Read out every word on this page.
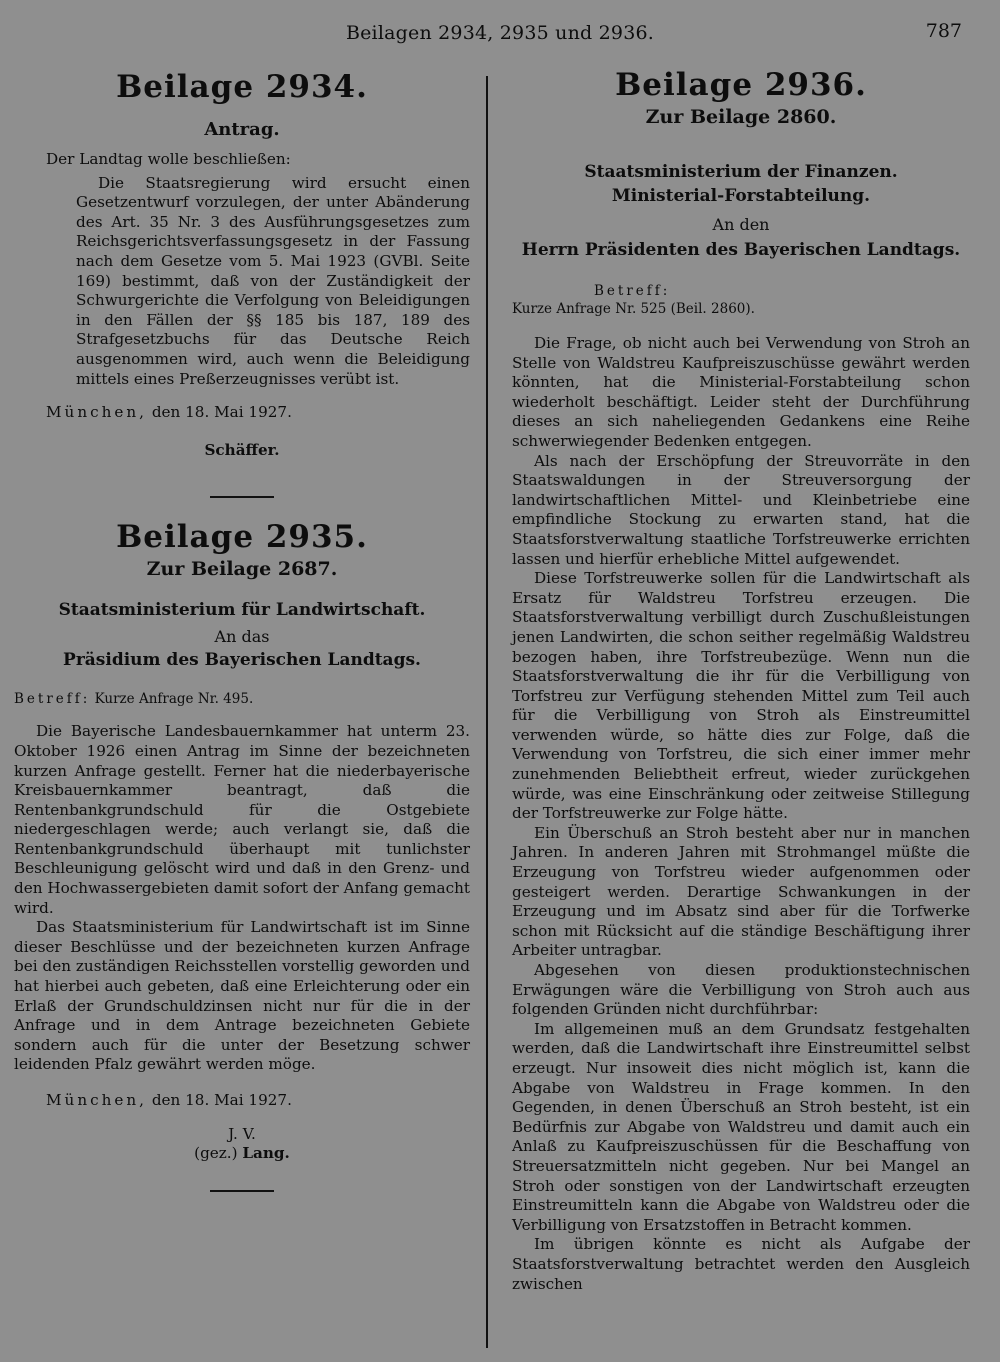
Beilagen 2934, 2935 und 2936.	787
Beilage 2934.
Antrag.

Der Landtag wolle beschließen:

Die Staatsregierung wird ersucht einen Gesetzentwurf vorzulegen, der unter Abänderung des Art. 35 Nr. 3 des Ausführungsgesetzes zum Reichsgerichtsverfassungsgesetz in der Fassung nach dem Gesetze vom 5. Mai 1923 (GVBl. Seite 169) bestimmt, daß von der Zuständigkeit der Schwurgerichte die Verfolgung von Beleidigungen in den Fällen der §§ 185 bis 187, 189 des Strafgesetzbuchs für das Deutsche Reich ausgenommen wird, auch wenn die Beleidigung mittels eines Preßerzeugnisses verübt ist.

München, den 18. Mai 1927.

Schäffer.
Beilage 2935.
Zur Beilage 2687.
Staatsministerium für Landwirtschaft.
An das
Präsidium des Bayerischen Landtags.

Betreff: Kurze Anfrage Nr. 495.

Die Bayerische Landesbauernkammer hat unterm 23. Oktober 1926 einen Antrag im Sinne der bezeichneten kurzen Anfrage gestellt. Ferner hat die niederbayerische Kreisbauernkammer beantragt, daß die Rentenbankgrundschuld für die Ostgebiete niedergeschlagen werde; auch verlangt sie, daß die Rentenbankgrundschuld überhaupt mit tunlichster Beschleunigung gelöscht wird und daß in den Grenz- und den Hochwassergebieten damit sofort der Anfang gemacht wird.

Das Staatsministerium für Landwirtschaft ist im Sinne dieser Beschlüsse und der bezeichneten kurzen Anfrage bei den zuständigen Reichsstellen vorstellig geworden und hat hierbei auch gebeten, daß eine Erleichterung oder ein Erlaß der Grundschuldzinsen nicht nur für die in der Anfrage und in dem Antrage bezeichneten Gebiete sondern auch für die unter der Besetzung schwer leidenden Pfalz gewährt werden möge.

München, den 18. Mai 1927.

J. V.
(gez.) Lang.
Beilage 2936.
Zur Beilage 2860.
Staatsministerium der Finanzen.
Ministerial-Forstabteilung.
An den
Herrn Präsidenten des Bayerischen Landtags.
Betreff:
Kurze Anfrage Nr. 525 (Beil. 2860).

Die Frage, ob nicht auch bei Verwendung von Stroh an Stelle von Waldstreu Kaufpreiszuschüsse gewährt werden könnten, hat die Ministerial-Forstabteilung schon wiederholt beschäftigt. Leider steht der Durchführung dieses an sich naheliegenden Gedankens eine Reihe schwerwiegender Bedenken entgegen.

Als nach der Erschöpfung der Streuvorräte in den Staatswaldungen in der Streuversorgung der landwirtschaftlichen Mittel- und Kleinbetriebe eine empfindliche Stockung zu erwarten stand, hat die Staatsforstverwaltung staatliche Torfstreuwerke errichten lassen und hierfür erhebliche Mittel aufgewendet.

Diese Torfstreuwerke sollen für die Landwirtschaft als Ersatz für Waldstreu Torfstreu erzeugen. Die Staatsforstverwaltung verbilligt durch Zuschußleistungen jenen Landwirten, die schon seither regelmäßig Waldstreu bezogen haben, ihre Torfstreubezüge. Wenn nun die Staatsforstverwaltung die ihr für die Verbilligung von Torfstreu zur Verfügung stehenden Mittel zum Teil auch für die Verbilligung von Stroh als Einstreumittel verwenden würde, so hätte dies zur Folge, daß die Verwendung von Torfstreu, die sich einer immer mehr zunehmenden Beliebtheit erfreut, wieder zurückgehen würde, was eine Einschränkung oder zeitweise Stillegung der Torfstreuwerke zur Folge hätte.

Ein Überschuß an Stroh besteht aber nur in manchen Jahren. In anderen Jahren mit Strohmangel müßte die Erzeugung von Torfstreu wieder aufgenommen oder gesteigert werden. Derartige Schwankungen in der Erzeugung und im Absatz sind aber für die Torfwerke schon mit Rücksicht auf die ständige Beschäftigung ihrer Arbeiter untragbar.

Abgesehen von diesen produktionstechnischen Erwägungen wäre die Verbilligung von Stroh auch aus folgenden Gründen nicht durchführbar:

Im allgemeinen muß an dem Grundsatz festgehalten werden, daß die Landwirtschaft ihre Einstreumittel selbst erzeugt. Nur insoweit dies nicht möglich ist, kann die Abgabe von Waldstreu in Frage kommen. In den Gegenden, in denen Überschuß an Stroh besteht, ist ein Bedürfnis zur Abgabe von Waldstreu und damit auch ein Anlaß zu Kaufpreiszuschüssen für die Beschaffung von Streuersatzmitteln nicht gegeben. Nur bei Mangel an Stroh oder sonstigen von der Landwirtschaft erzeugten Einstreumitteln kann die Abgabe von Waldstreu oder die Verbilligung von Ersatzstoffen in Betracht kommen.

Im übrigen könnte es nicht als Aufgabe der Staatsforstverwaltung betrachtet werden den Ausgleich zwischen
